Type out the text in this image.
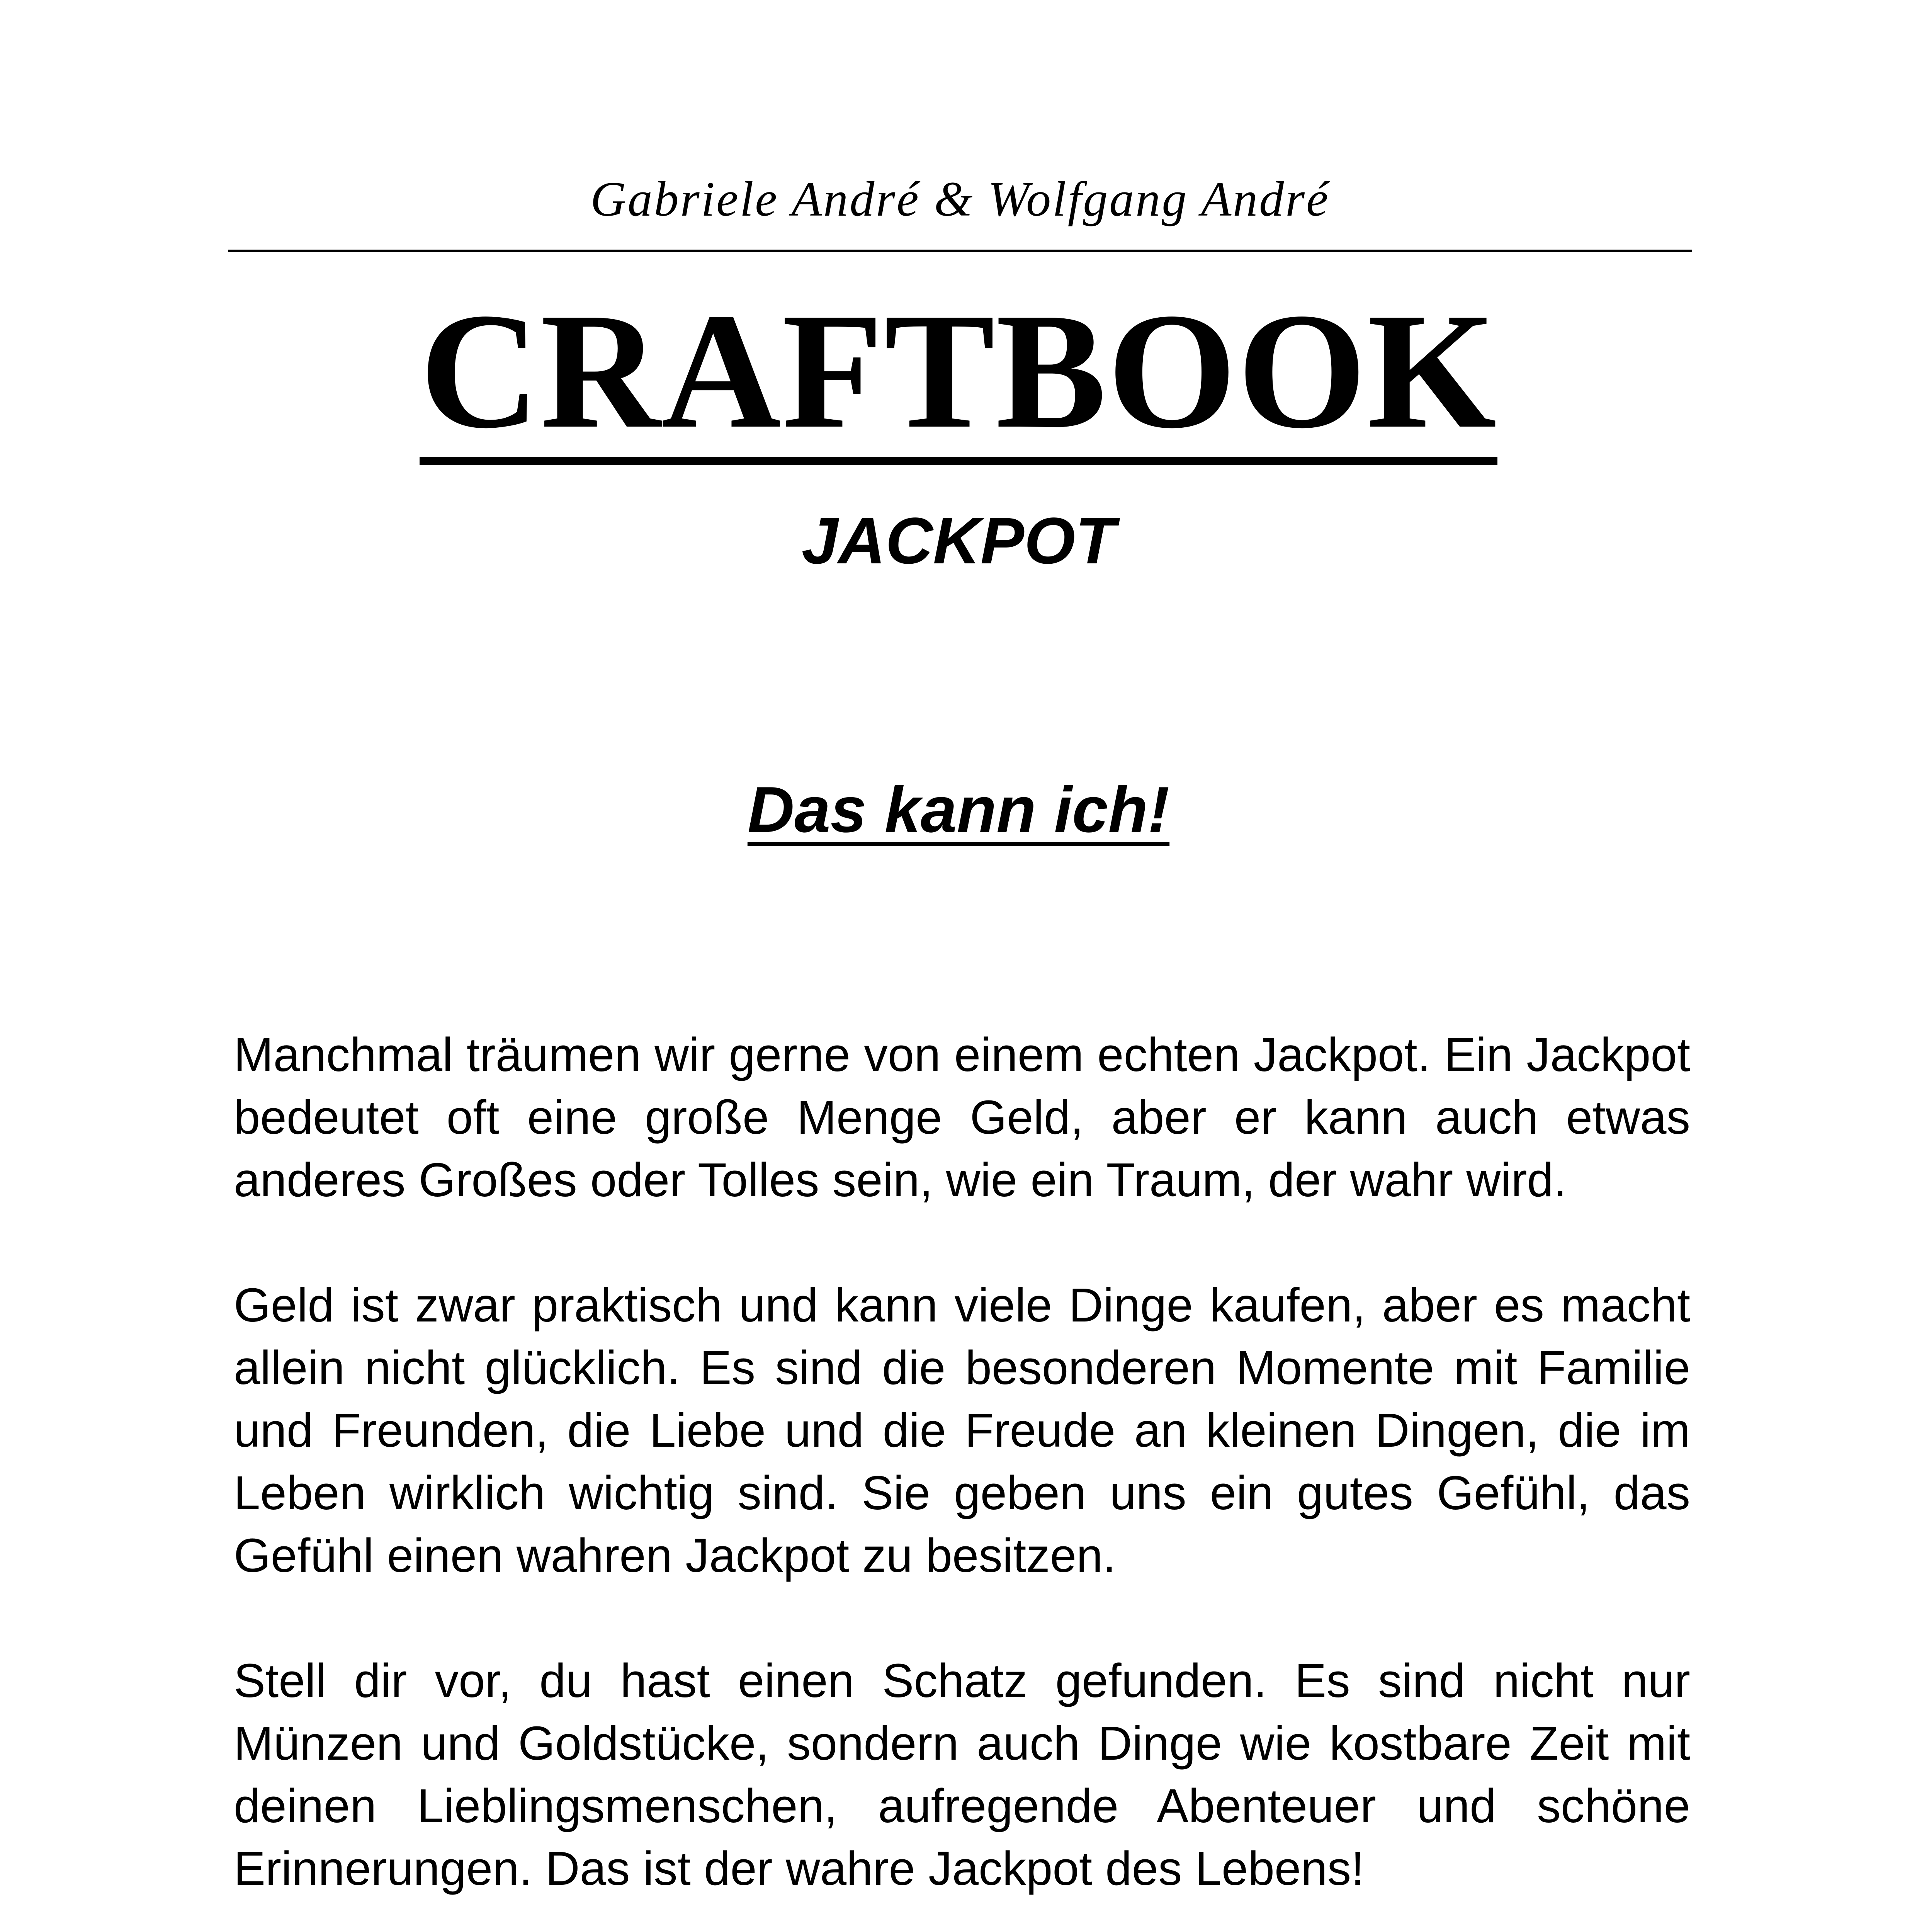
Gabriele André & Wolfgang André
CRAFTBOOK
JACKPOT
Das kann ich!

Manchmal träumen wir gerne von einem echten Jackpot. Ein Jackpot bedeutet oft eine große Menge Geld, aber er kann auch etwas anderes Großes oder Tolles sein, wie ein Traum, der wahr wird.

Geld ist zwar praktisch und kann viele Dinge kaufen, aber es macht allein nicht glücklich. Es sind die besonderen Momente mit Familie und Freunden, die Liebe und die Freude an kleinen Dingen, die im Leben wirklich wichtig sind. Sie geben uns ein gutes Gefühl, das Gefühl einen wahren Jackpot zu besitzen.

Stell dir vor, du hast einen Schatz gefunden. Es sind nicht nur Münzen und Goldstücke, sondern auch Dinge wie kostbare Zeit mit deinen Lieblingsmenschen, aufregende Abenteuer und schöne Erinnerungen. Das ist der wahre Jackpot des Lebens!
